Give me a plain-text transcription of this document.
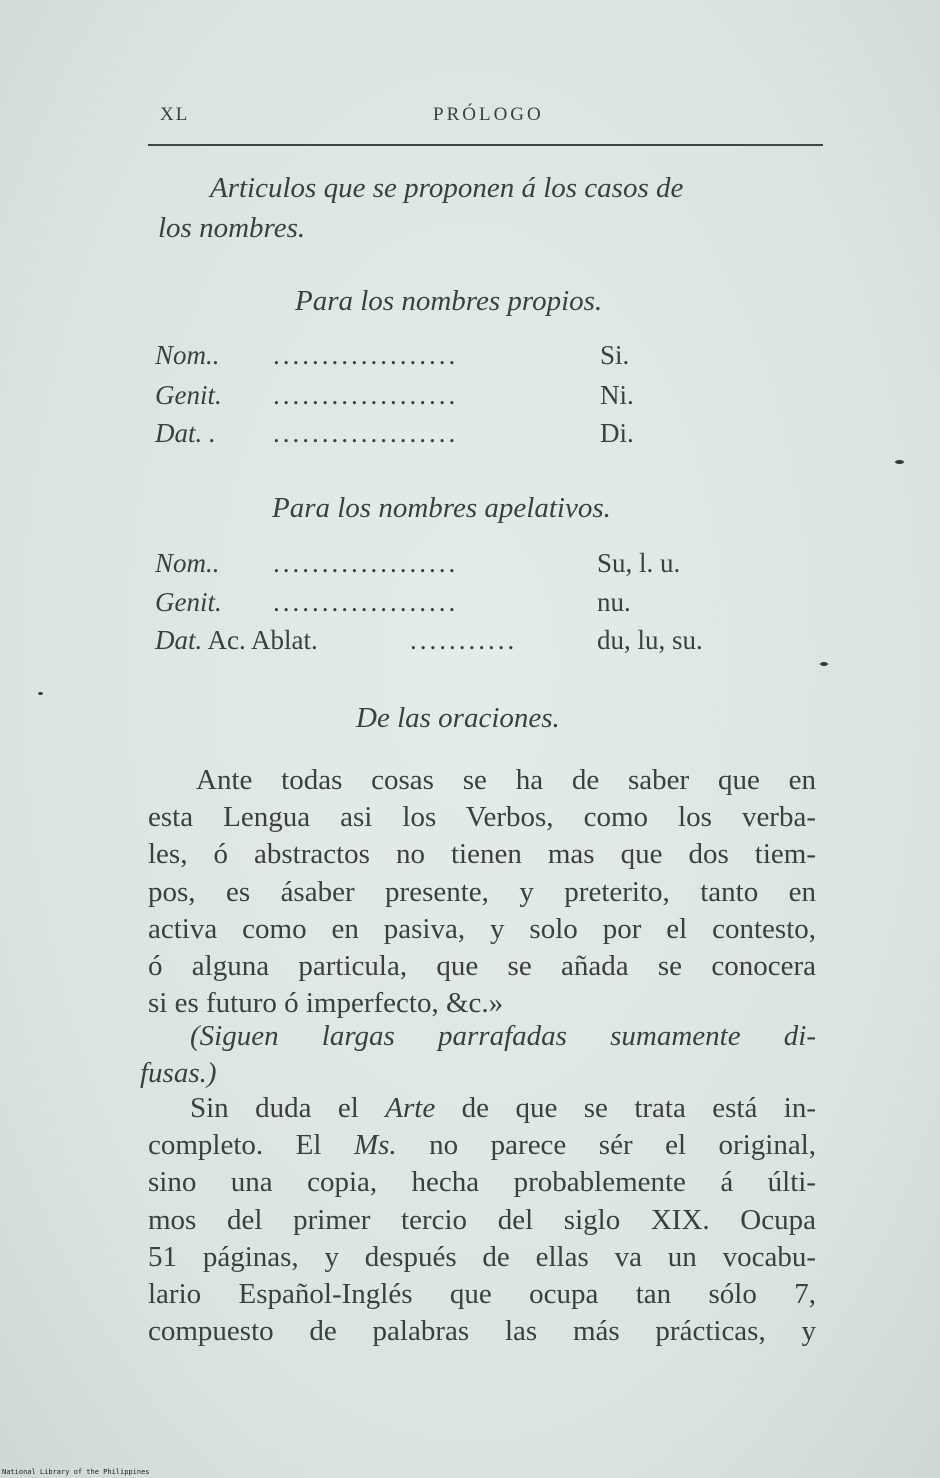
XL	PRÓLOGO
Articulos que se proponen á los casos de
los nombres.
Para los nombres propios.
Nom.. ...................	Si.
Genit. ...................	Ni.
Dat. . ...................	Di.
Para los nombres apelativos.
Nom.. ...................	Su, l. u.
Genit. ...................	nu.
Dat. Ac. Ablat.	...........	du, lu, su.
De las oraciones.
Ante todas cosas se ha de saber que en
esta Lengua asi los Verbos, como los verba-
les, ó abstractos no tienen mas que dos tiem-
pos, es ásaber presente, y preterito, tanto en
activa como en pasiva, y solo por el contesto,
ó alguna particula, que se añada se conocera
si es futuro ó imperfecto, &c.»
(Siguen largas parrafadas sumamente di-
fusas.)
Sin duda el Arte de que se trata está in-
completo. El Ms. no parece sér el original,
sino una copia, hecha probablemente á últi-
mos del primer tercio del siglo XIX. Ocupa
51 páginas, y después de ellas va un vocabu-
lario Español-Inglés que ocupa tan sólo 7,
compuesto de palabras las más prácticas, y
National Library of the Philippines
